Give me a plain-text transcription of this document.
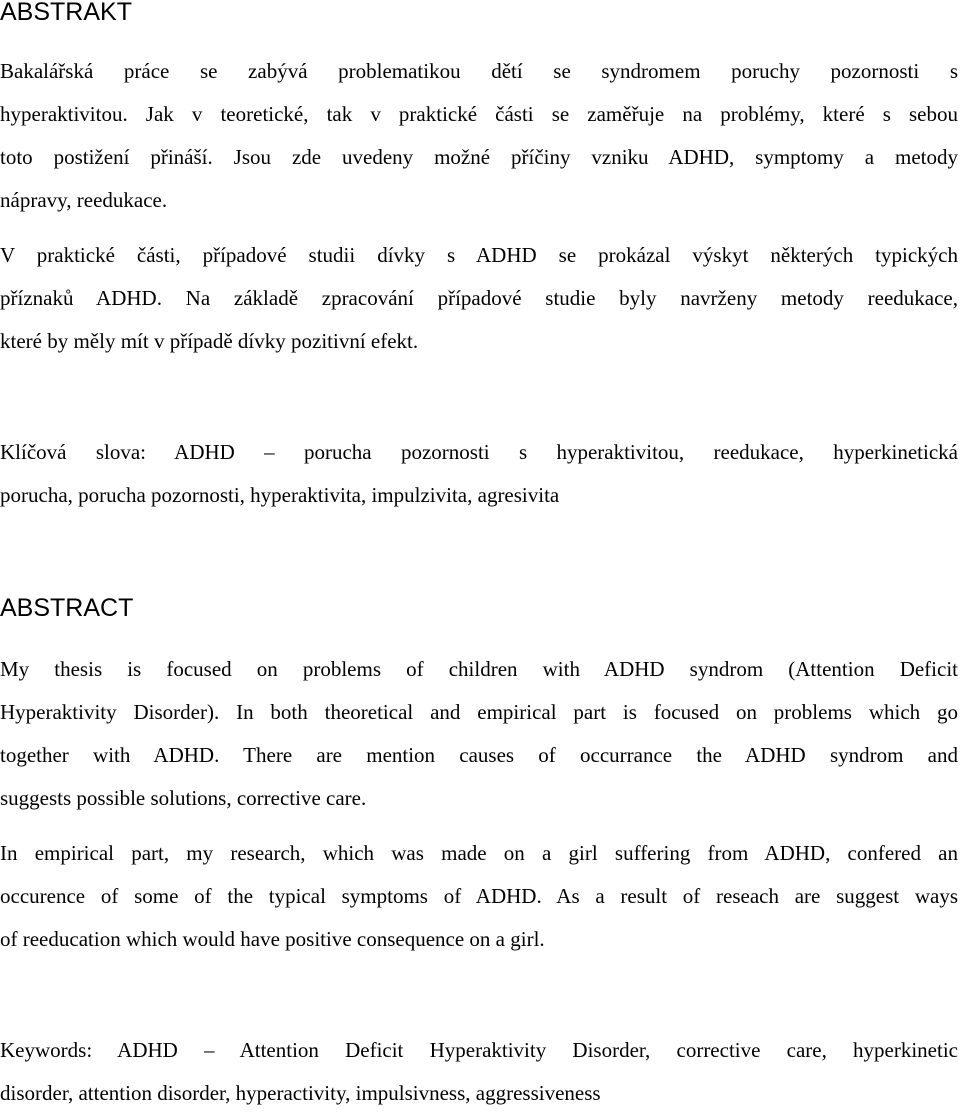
ABSTRAKT
Bakalářská práce se zabývá problematikou dětí se syndromem poruchy pozornosti s
hyperaktivitou. Jak v teoretické, tak v praktické části se zaměřuje na problémy, které s sebou
toto postižení přináší. Jsou zde uvedeny možné příčiny vzniku ADHD, symptomy a metody
nápravy, reedukace.
V praktické části, případové studii dívky s ADHD se prokázal výskyt některých typických
příznaků ADHD. Na základě zpracování případové studie byly navrženy metody reedukace,
které by měly mít v případě dívky pozitivní efekt.
Klíčová slova: ADHD – porucha pozornosti s hyperaktivitou, reedukace, hyperkinetická
porucha, porucha pozornosti, hyperaktivita, impulzivita, agresivita
ABSTRACT
My thesis is focused on problems of children with ADHD syndrom (Attention Deficit
Hyperaktivity Disorder). In both theoretical and empirical part is focused on problems which go
together with ADHD. There are mention causes of occurrance the ADHD syndrom and
suggests possible solutions, corrective care.
In empirical part, my research, which was made on a girl suffering from ADHD, confered an
occurence of some of the typical symptoms of ADHD. As a result of reseach are suggest ways
of reeducation which would have positive consequence on a girl.
Keywords: ADHD – Attention Deficit Hyperaktivity Disorder, corrective care, hyperkinetic
disorder, attention disorder, hyperactivity, impulsivness, aggressiveness
